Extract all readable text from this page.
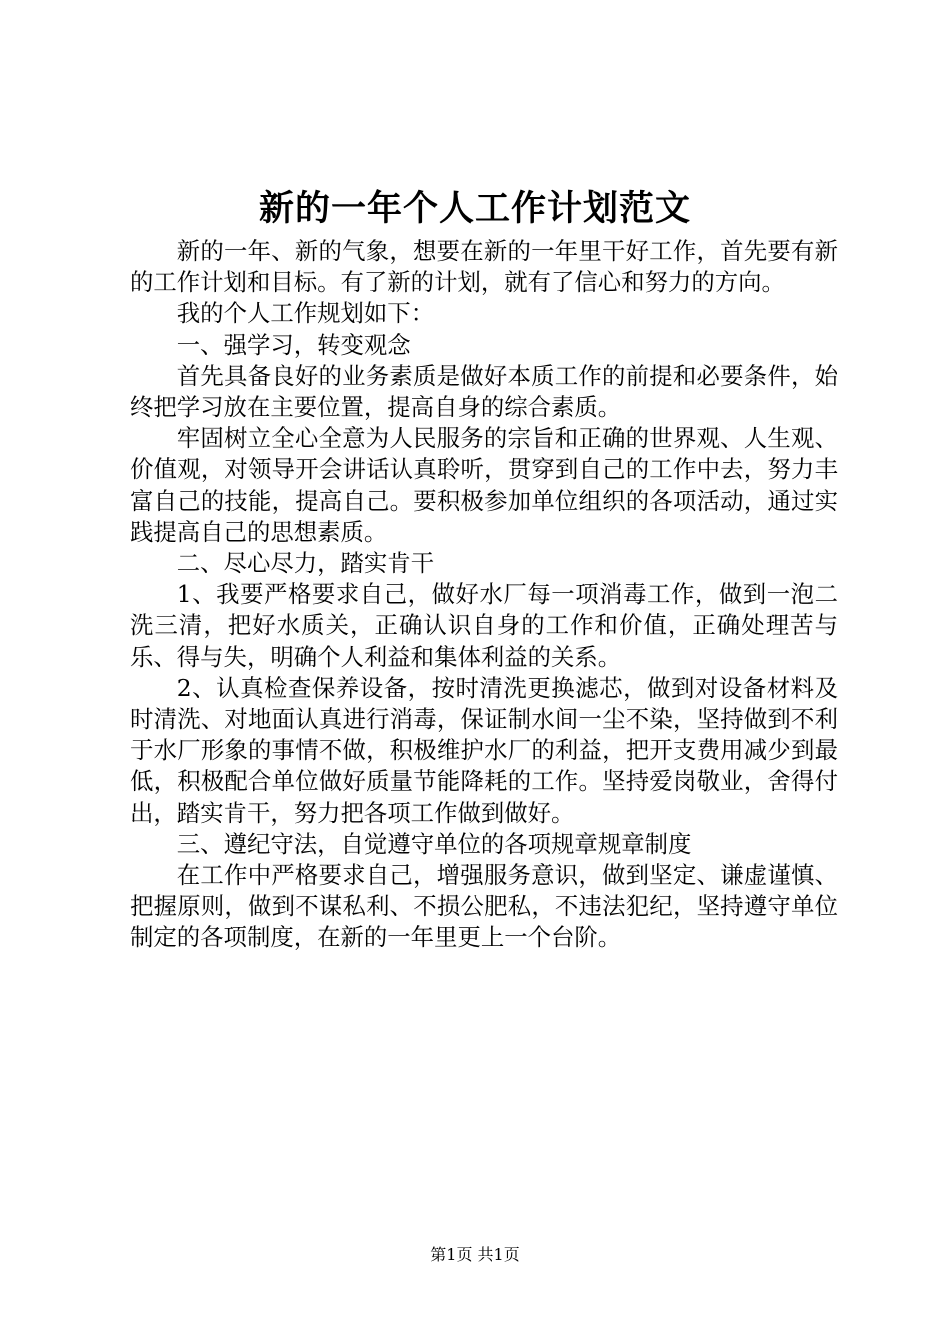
新的一年个人工作计划范文

新的一年、新的气象，想要在新的一年里干好工作，首先要有新的工作计划和目标。有了新的计划，就有了信心和努力的方向。

我的个人工作规划如下：

一、强学习，转变观念

首先具备良好的业务素质是做好本质工作的前提和必要条件，始终把学习放在主要位置，提高自身的综合素质。

牢固树立全心全意为人民服务的宗旨和正确的世界观、人生观、价值观，对领导开会讲话认真聆听，贯穿到自己的工作中去，努力丰富自己的技能，提高自己。要积极参加单位组织的各项活动，通过实践提高自己的思想素质。

二、尽心尽力，踏实肯干

1、我要严格要求自己，做好水厂每一项消毒工作，做到一泡二洗三清，把好水质关，正确认识自身的工作和价值，正确处理苦与乐、得与失，明确个人利益和集体利益的关系。

2、认真检查保养设备，按时清洗更换滤芯，做到对设备材料及时清洗、对地面认真进行消毒，保证制水间一尘不染，坚持做到不利于水厂形象的事情不做，积极维护水厂的利益，把开支费用减少到最低，积极配合单位做好质量节能降耗的工作。坚持爱岗敬业，舍得付出，踏实肯干，努力把各项工作做到做好。

三、遵纪守法，自觉遵守单位的各项规章规章制度

在工作中严格要求自己，增强服务意识，做到坚定、谦虚谨慎、把握原则，做到不谋私利、不损公肥私，不违法犯纪，坚持遵守单位制定的各项制度，在新的一年里更上一个台阶。

第1页 共1页
